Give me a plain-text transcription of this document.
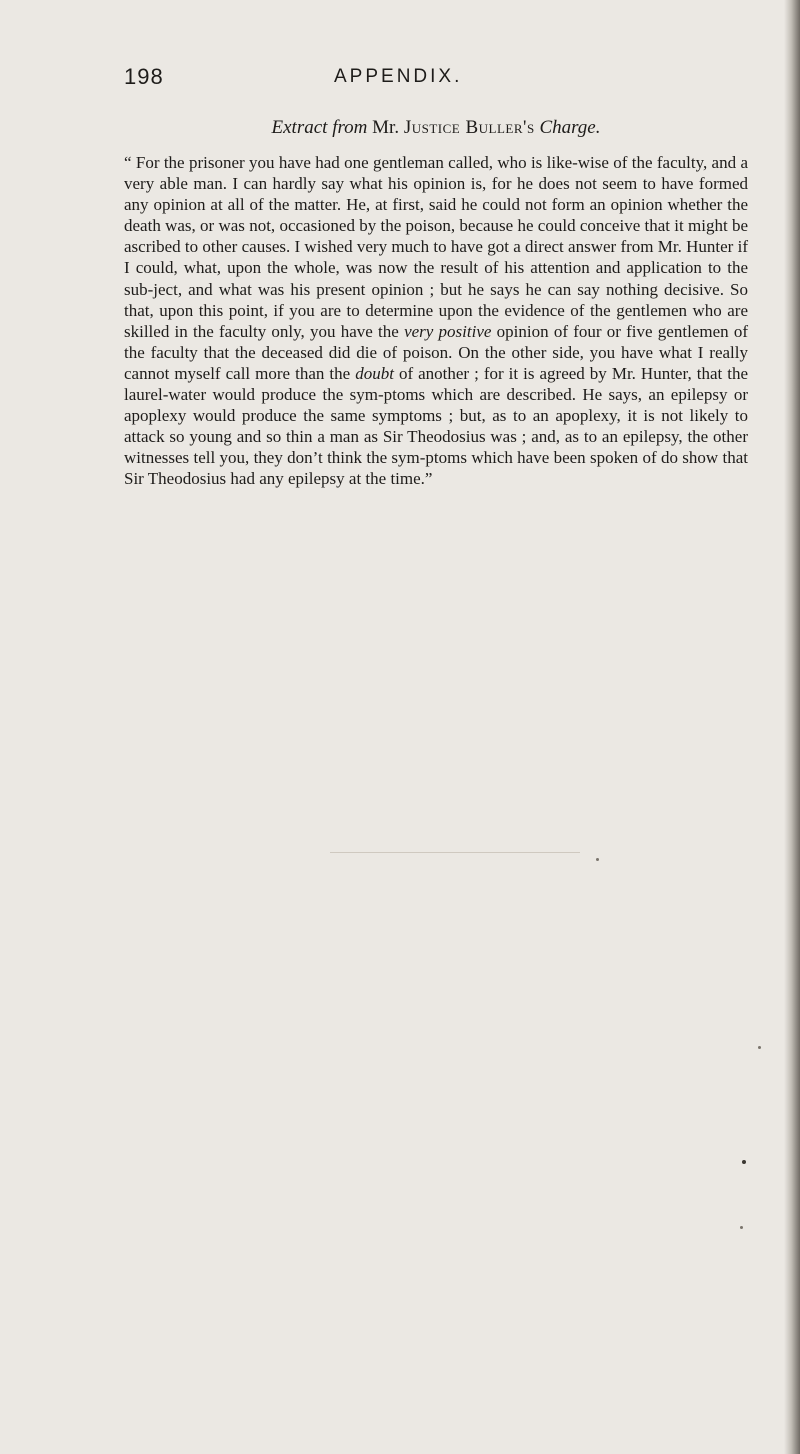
198	APPENDIX.
Extract from Mr. Justice Buller's Charge.

“ For the prisoner you have had one gentleman called, who is like-wise of the faculty, and a very able man. I can hardly say what his opinion is, for he does not seem to have formed any opinion at all of the matter. He, at first, said he could not form an opinion whether the death was, or was not, occasioned by the poison, because he could conceive that it might be ascribed to other causes. I wished very much to have got a direct answer from Mr. Hunter if I could, what, upon the whole, was now the result of his attention and application to the sub-ject, and what was his present opinion ; but he says he can say nothing decisive. So that, upon this point, if you are to determine upon the evidence of the gentlemen who are skilled in the faculty only, you have the very positive opinion of four or five gentlemen of the faculty that the deceased did die of poison. On the other side, you have what I really cannot myself call more than the doubt of another ; for it is agreed by Mr. Hunter, that the laurel-water would produce the sym-ptoms which are described. He says, an epilepsy or apoplexy would produce the same symptoms ; but, as to an apoplexy, it is not likely to attack so young and so thin a man as Sir Theodosius was ; and, as to an epilepsy, the other witnesses tell you, they don’t think the sym-ptoms which have been spoken of do show that Sir Theodosius had any epilepsy at the time.”
